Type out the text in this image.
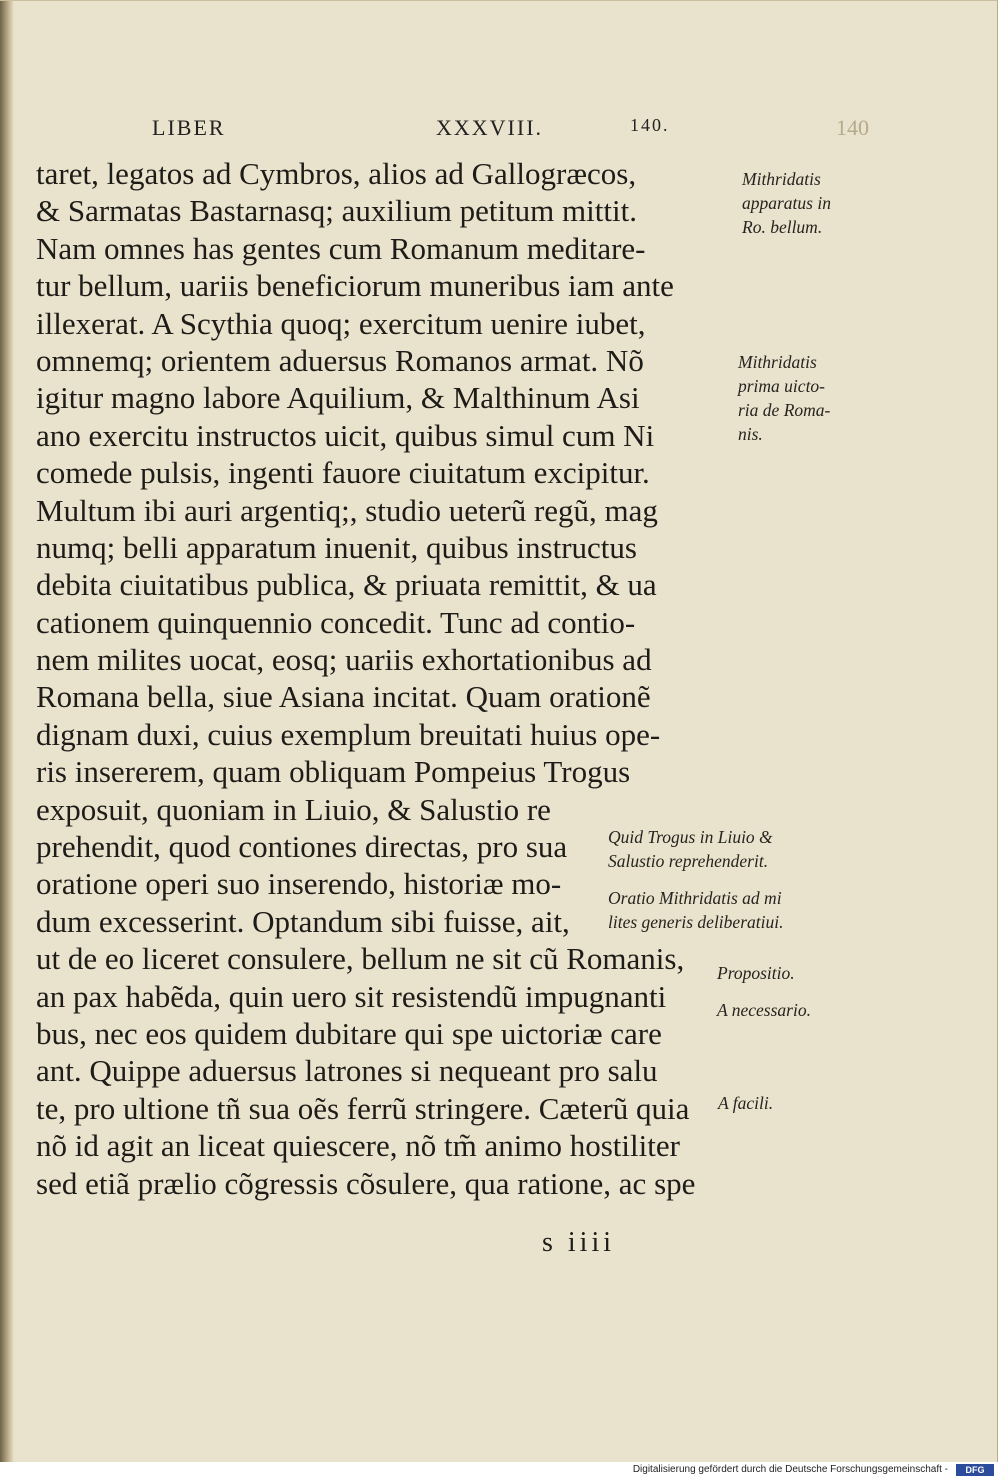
LIBER	XXXVIII.	140.	140
taret, legatos ad Cymbros, alios ad Gallogræcos,
& Sarmatas Bastarnasq; auxilium petitum mittit.
Nam omnes has gentes cum Romanum meditare-
tur bellum, uariis beneficiorum muneribus iam ante
illexerat. A Scythia quoq; exercitum uenire iubet,
omnemq; orientem aduersus Romanos armat. Nõ
igitur magno labore Aquilium, & Malthinum Asi
ano exercitu instructos uicit, quibus simul cum Ni
comede pulsis, ingenti fauore ciuitatum excipitur.
Multum ibi auri argentiq;, studio ueterũ regũ, mag
numq; belli apparatum inuenit, quibus instructus
debita ciuitatibus publica, & priuata remittit, & ua
cationem quinquennio concedit. Tunc ad contio-
nem milites uocat, eosq; uariis exhortationibus ad
Romana bella, siue Asiana incitat. Quam orationẽ
dignam duxi, cuius exemplum breuitati huius ope-
ris insererem, quam obliquam Pompeius Trogus
exposuit, quoniam in Liuio, & Salustio re
prehendit, quod contiones directas, pro sua
oratione operi suo inserendo, historiæ mo-
dum excesserint. Optandum sibi fuisse, ait,
ut de eo liceret consulere, bellum ne sit cũ Romanis,
an pax habẽda, quin uero sit resistendũ impugnanti
bus, nec eos quidem dubitare qui spe uictoriæ care
ant. Quippe aduersus latrones si nequeant pro salu
te, pro ultione tñ sua oẽs ferrũ stringere. Cæterũ quia
nõ id agit an liceat quiescere, nõ tm̃ animo hostiliter
sed etiã prælio cõgressis cõsulere, qua ratione, ac spe
Mithridatis
apparatus in
Ro. bellum.
Mithridatis
prima uicto-
ria de Roma-
nis.
Quid Trogus in Liuio &
Salustio reprehenderit.
Oratio Mithridatis ad mi
lites generis deliberatiui.
Propositio.
A necessario.
A facili.
s iiii
Digitalisierung gefördert durch die Deutsche Forschungsgemeinschaft -	DFG
